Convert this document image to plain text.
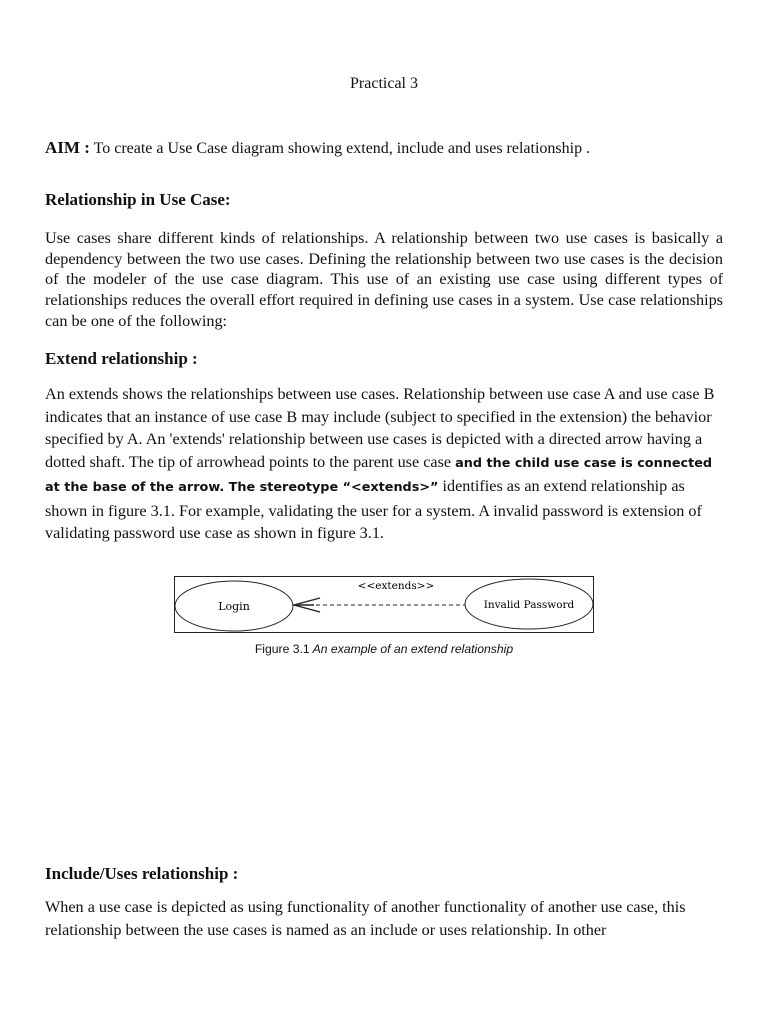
Practical 3
AIM : To create a Use Case diagram showing extend, include and uses relationship .
Relationship in Use Case:

Use cases share different kinds of relationships. A relationship between two use cases is basically a dependency between the two use cases. Defining the relationship between two use cases is the decision of the modeler of the use case diagram. This use of an existing use case using different types of relationships reduces the overall effort required in defining use cases in a system. Use case relationships can be one of the following:

Extend relationship :

An extends shows the relationships between use cases. Relationship between use case A and use case B indicates that an instance of use case B may include (subject to specified in the extension) the behavior specified by A. An 'extends' relationship between use cases is depicted with a directed arrow having a dotted shaft. The tip of arrowhead points to the parent use case and the child use case is connected at the base of the arrow. The stereotype “<extends>” identifies as an extend relationship as shown in figure 3.1. For example, validating the user for a system. A invalid password is extension of validating password use case as shown in figure 3.1.

Login	Invalid Password
<<extends>>
Figure 3.1 An example of an extend relationship
Include/Uses relationship :

When a use case is depicted as using functionality of another functionality of another use case, this relationship between the use cases is named as an include or uses relationship. In other
